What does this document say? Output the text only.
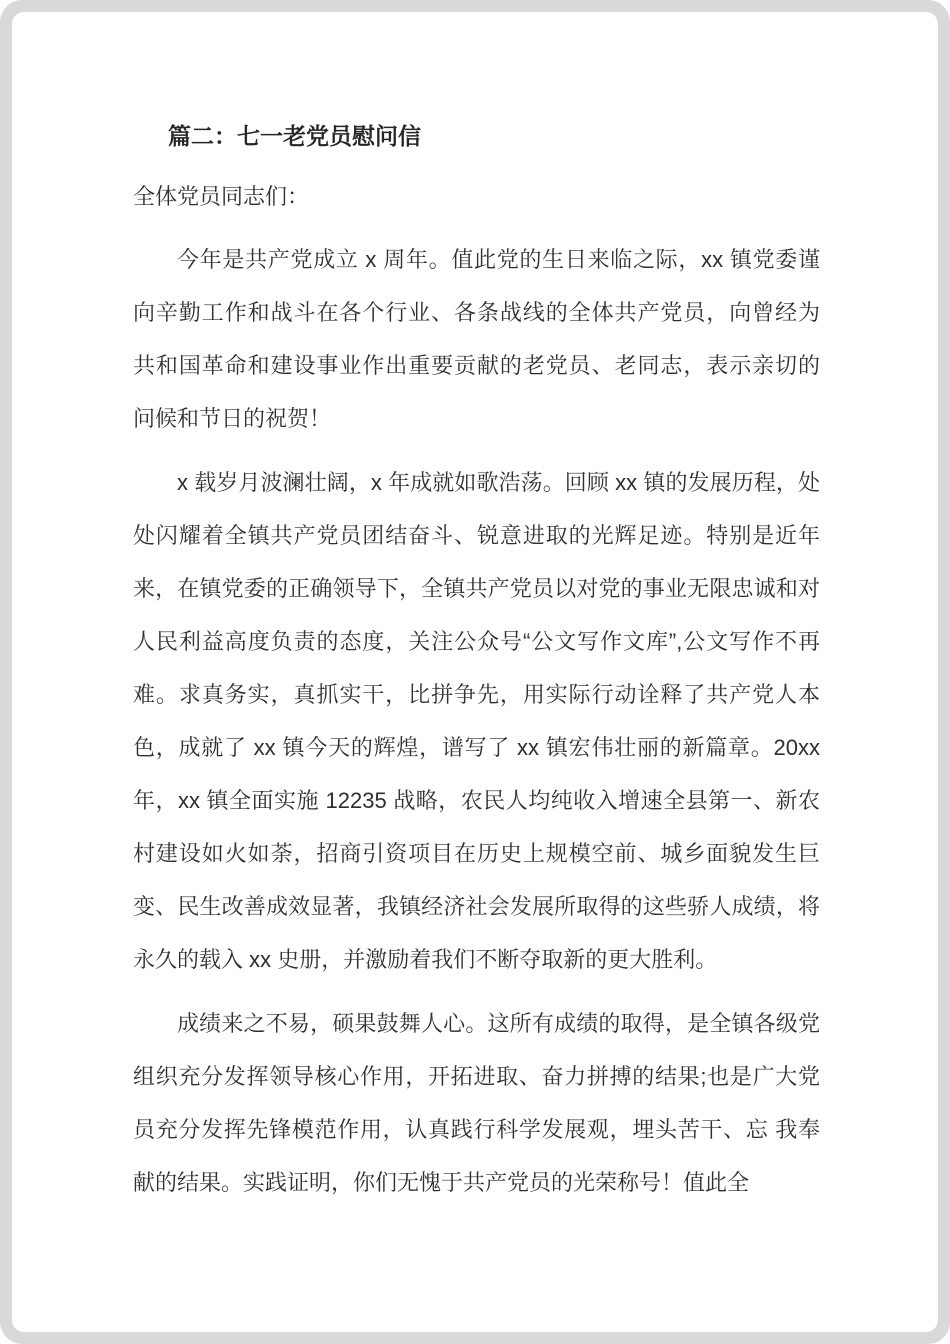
篇二：七一老党员慰问信

全体党员同志们：

今年是共产党成立 x 周年。值此党的生日来临之际，xx 镇党委谨向辛勤工作和战斗在各个行业、各条战线的全体共产党员，向曾经为 共和国革命和建设事业作出重要贡献的老党员、老同志，表示亲切的 问候和节日的祝贺！

x 载岁月波澜壮阔，x 年成就如歌浩荡。回顾 xx 镇的发展历程，处处闪耀着全镇共产党员团结奋斗、锐意进取的光辉足迹。特别是近年来，在镇党委的正确领导下，全镇共产党员以对党的事业无限忠诚和对人民利益高度负责的态度，关注公众号“公文写作文库”,公文写作不再难。求真务实，真抓实干，比拼争先，用实际行动诠释了共产党人本色，成就了 xx 镇今天的辉煌，谱写了 xx 镇宏伟壮丽的新篇章。20xx 年，xx 镇全面实施 12235 战略，农民人均纯收入增速全县第一、新农村建设如火如荼，招商引资项目在历史上规模空前、城乡面貌发生巨变、民生改善成效显著，我镇经济社会发展所取得的这些骄人成绩，将永久的载入 xx 史册，并激励着我们不断夺取新的更大胜利。

成绩来之不易，硕果鼓舞人心。这所有成绩的取得，是全镇各级党组织充分发挥领导核心作用，开拓进取、奋力拼搏的结果;也是广大党员充分发挥先锋模范作用，认真践行科学发展观，埋头苦干、忘 我奉献的结果。实践证明，你们无愧于共产党员的光荣称号！值此全
